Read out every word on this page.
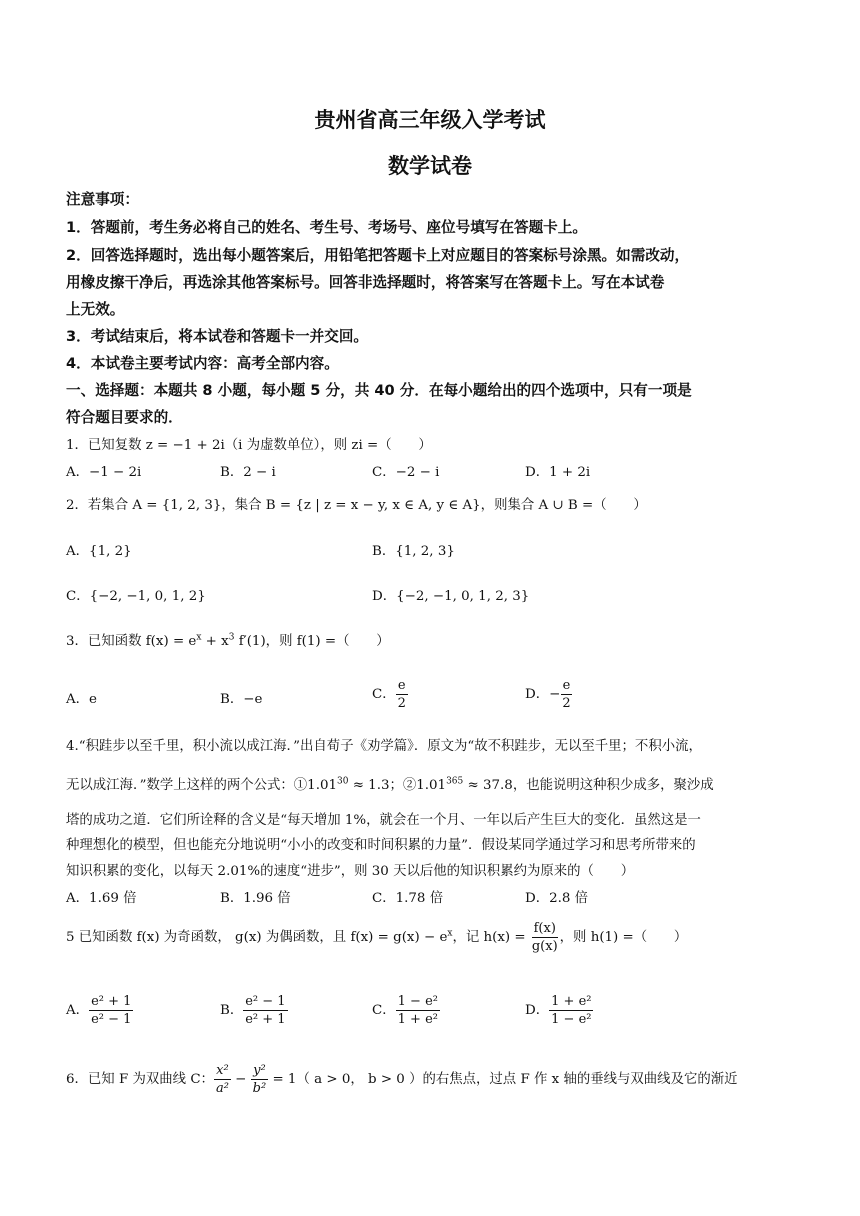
贵州省高三年级入学考试
数学试卷
注意事项：
1．答题前，考生务必将自己的姓名、考生号、考场号、座位号填写在答题卡上。
2．回答选择题时，选出每小题答案后，用铅笔把答题卡上对应题目的答案标号涂黑。如需改动，
用橡皮擦干净后，再选涂其他答案标号。回答非选择题时，将答案写在答题卡上。写在本试卷
上无效。
3．考试结束后，将本试卷和答题卡一并交回。
4．本试卷主要考试内容：高考全部内容。
一、选择题：本题共 8 小题，每小题 5 分，共 40 分．在每小题给出的四个选项中，只有一项是
符合题目要求的．
1．已知复数 z = −1 + 2i（i 为虚数单位），则 zi =（　　）
A．−1 − 2i	B．2 − i	C．−2 − i	D．1 + 2i
2．若集合 A = {1, 2, 3}，集合 B = {z | z = x − y, x ∈ A, y ∈ A}，则集合 A ∪ B =（　　）
A．{1, 2}	B．{1, 2, 3}
C．{−2, −1, 0, 1, 2}	D．{−2, −1, 0, 1, 2, 3}
3．已知函数 $f(x) = e^x + x^3$ f′(1)，则 f(1) =（　　）
A．e	B．−e	C． $\frac{e}{2}$	D．− $\frac{e}{2}$
4.“积跬步以至千里，积小流以成江海．”出自荀子《劝学篇》．原文为“故不积跬步，无以至千里；不积小流，
无以成江海．”数学上这样的两个公式：$①1.01^{30} \approx 1.3$；$②1.01^{365} \approx 37.8$，也能说明这种积少成多，聚沙成
塔的成功之道．它们所诠释的含义是“每天增加 1%，就会在一个月、一年以后产生巨大的变化．虽然这是一
种理想化的模型，但也能充分地说明“小小的改变和时间积累的力量”．假设某同学通过学习和思考所带来的
知识积累的变化，以每天 2.01%的速度“进步”，则 30 天以后他的知识积累约为原来的（　　）
A．1.69 倍	B．1.96 倍	C．1.78 倍	D．2.8 倍
5 已知函数 f(x) 为奇函数， g(x) 为偶函数，且 $f(x) = g(x) - e^x$，记 $h(x) = \frac{f(x)}{g(x)}$ ，则 h(1) =（　　）
A． $\frac{\text{e² + 1}}{\text{e² − 1}}$	B． $\frac{\text{e² − 1}}{\text{e² + 1}}$	C． $\frac{\text{1 − e²}}{\text{1 + e²}}$	D． $\frac{\text{1 + e²}}{\text{1 − e²}}$
6．已知 F 为双曲线 C： $\frac{\text{x²}}{\text{a²}} - \frac{\text{y²}}{\text{b²}} = 1$（ a > 0， b > 0 ）的右焦点，过点 F 作 x 轴的垂线与双曲线及它的渐近
